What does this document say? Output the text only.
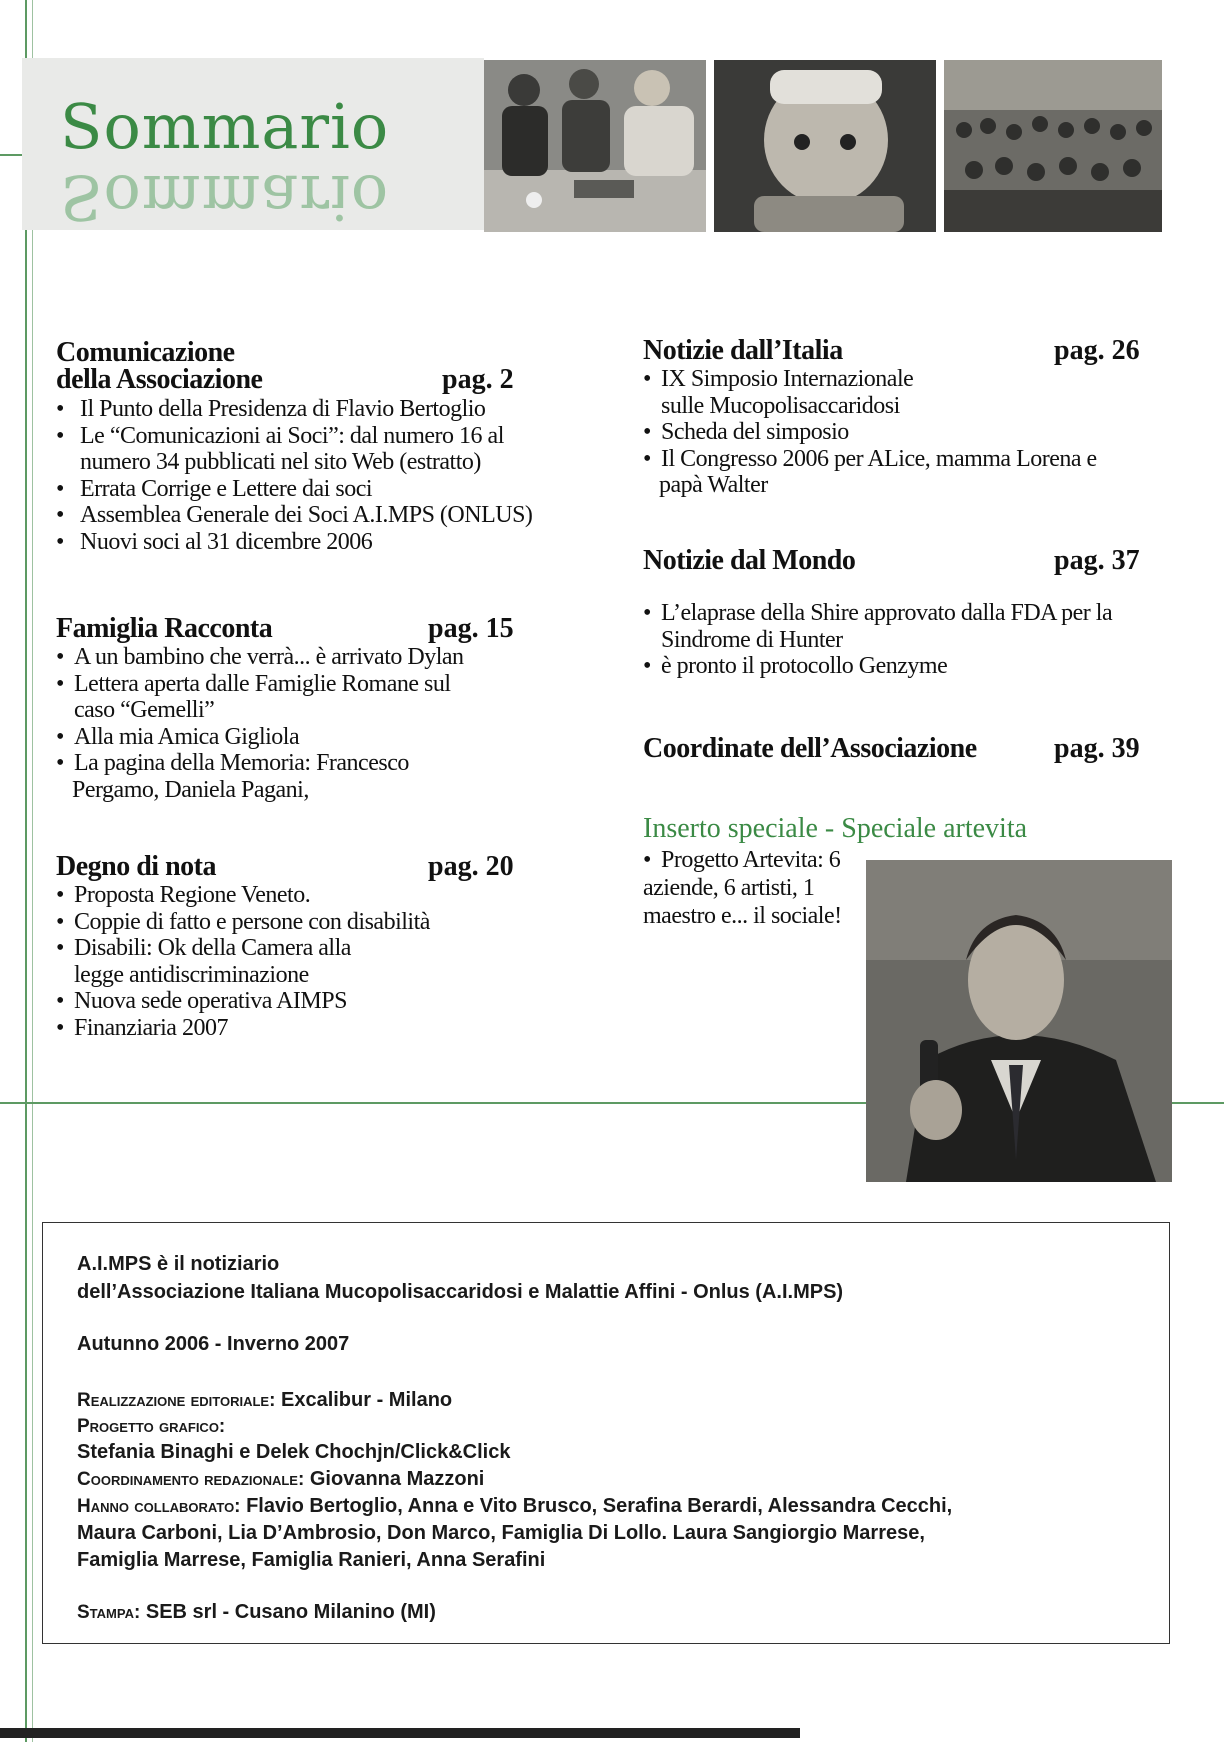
Sommario
Sommario
Comunicazione
della Associazione	pag. 2
• Il Punto della Presidenza di Flavio Bertoglio
• Le “Comunicazioni ai Soci”: dal numero 16 al numero 34 pubblicati nel sito Web (estratto)
• Errata Corrige e Lettere dai soci
• Assemblea Generale dei Soci A.I.MPS (ONLUS)
• Nuovi soci al 31 dicembre 2006
Famiglia Racconta	pag. 15
• A un bambino che verrà... è arrivato Dylan
• Lettera aperta dalle Famiglie Romane sul caso “Gemelli”
• Alla mia Amica Gigliola
• La pagina della Memoria: Francesco Pergamo, Daniela Pagani,
Degno di nota	pag. 20
• Proposta Regione Veneto.
• Coppie di fatto e persone con disabilità
• Disabili: Ok della Camera alla legge antidiscriminazione
• Nuova sede operativa AIMPS
• Finanziaria 2007
Notizie dall’Italia	pag. 26
• IX Simposio Internazionale sulle Mucopolisaccaridosi
• Scheda del simposio
• Il Congresso 2006 per ALice, mamma Lorena e papà Walter
Notizie dal Mondo	pag. 37
• L’elaprase della Shire approvato dalla FDA per la Sindrome di Hunter
• è pronto il protocollo Genzyme
Coordinate dell’Associazione	pag. 39
Inserto speciale - Speciale artevita
• Progetto Artevita: 6 aziende, 6 artisti, 1 maestro e... il sociale!

A.I.MPS è il notiziario

dell’Associazione Italiana Mucopolisaccaridosi e Malattie Affini - Onlus (A.I.MPS)

Autunno 2006 - Inverno 2007

Realizzazione editoriale: Excalibur - Milano

Progetto grafico:

Stefania Binaghi e Delek Chochjn/Click&Click

Coordinamento redazionale: Giovanna Mazzoni

Hanno collaborato: Flavio Bertoglio, Anna e Vito Brusco, Serafina Berardi, Alessandra Cecchi,

Maura Carboni, Lia D’Ambrosio, Don Marco, Famiglia Di Lollo. Laura Sangiorgio Marrese,

Famiglia Marrese, Famiglia Ranieri, Anna Serafini

Stampa: SEB srl - Cusano Milanino (MI)
